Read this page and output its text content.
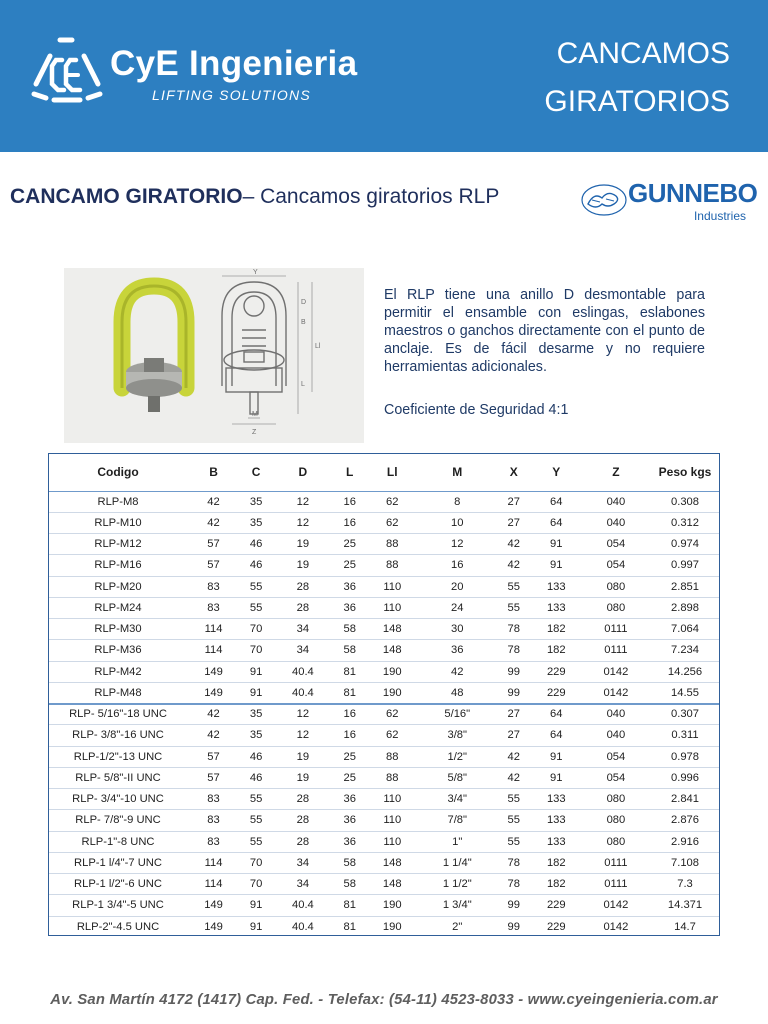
CyE Ingenieria
LIFTING SOLUTIONS
CANCAMOS
GIRATORIOS
CANCAMO GIRATORIO– Cancamos giratorios RLP	GUNNEBO
Industries
Y
D
B
Ll
L
M
Z
El RLP tiene una anillo D desmontable para permitir el ensamble con eslingas, eslabones maestros o ganchos directamente con el punto de anclaje. Es de fácil desarme y no requiere herramientas adicionales.
Coeficiente de Seguridad 4:1
Codigo	B	C	D	L	Ll	M	X	Y	Z	Peso kgs
RLP-M8	42	35	12	16	62	8	27	64	040	0.308
RLP-M10	42	35	12	16	62	10	27	64	040	0.312
RLP-M12	57	46	19	25	88	12	42	91	054	0.974
RLP-M16	57	46	19	25	88	16	42	91	054	0.997
RLP-M20	83	55	28	36	110	20	55	133	080	2.851
RLP-M24	83	55	28	36	110	24	55	133	080	2.898
RLP-M30	114	70	34	58	148	30	78	182	0111	7.064
RLP-M36	114	70	34	58	148	36	78	182	0111	7.234
RLP-M42	149	91	40.4	81	190	42	99	229	0142	14.256
RLP-M48	149	91	40.4	81	190	48	99	229	0142	14.55
RLP- 5/16"-18 UNC	42	35	12	16	62	5/16"	27	64	040	0.307
RLP- 3/8"-16 UNC	42	35	12	16	62	3/8"	27	64	040	0.311
RLP-1/2"-13 UNC	57	46	19	25	88	1/2"	42	91	054	0.978
RLP- 5/8"-II UNC	57	46	19	25	88	5/8"	42	91	054	0.996
RLP- 3/4"-10 UNC	83	55	28	36	110	3/4"	55	133	080	2.841
RLP- 7/8"-9 UNC	83	55	28	36	110	7/8"	55	133	080	2.876
RLP-1"-8 UNC	83	55	28	36	110	1"	55	133	080	2.916
RLP-1 l/4"-7 UNC	114	70	34	58	148	1 1/4"	78	182	0111	7.108
RLP-1 l/2"-6 UNC	114	70	34	58	148	1 1/2"	78	182	0111	7.3
RLP-1 3/4"-5 UNC	149	91	40.4	81	190	1 3/4"	99	229	0142	14.371
RLP-2"-4.5 UNC	149	91	40.4	81	190	2"	99	229	0142	14.7
Av. San Martín 4172 (1417) Cap. Fed. - Telefax: (54-11) 4523-8033 - www.cyeingenieria.com.ar
